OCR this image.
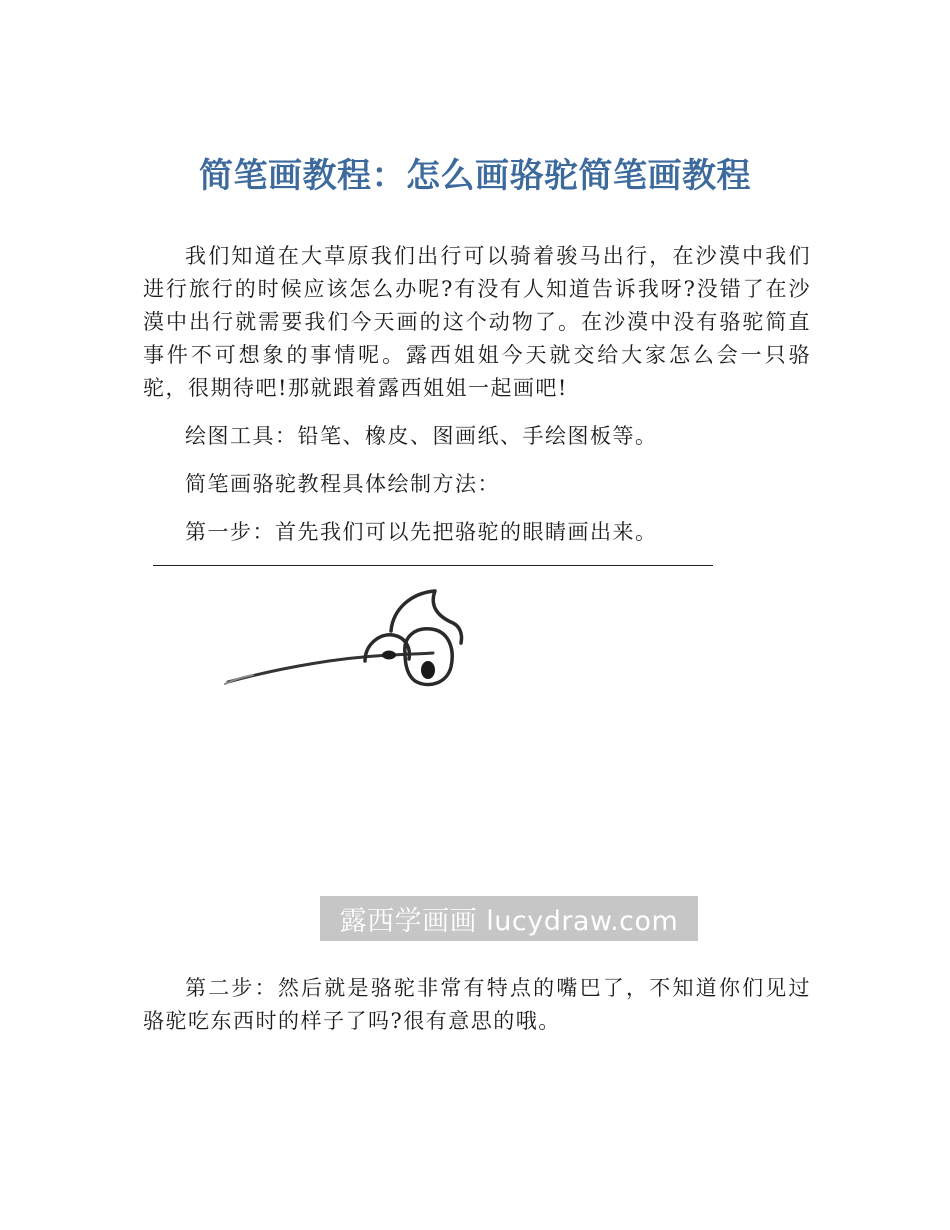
简笔画教程：怎么画骆驼简笔画教程

我们知道在大草原我们出行可以骑着骏马出行，在沙漠中我们进行旅行的时候应该怎么办呢?有没有人知道告诉我呀?没错了在沙漠中出行就需要我们今天画的这个动物了。在沙漠中没有骆驼简直事件不可想象的事情呢。露西姐姐今天就交给大家怎么会一只骆驼，很期待吧!那就跟着露西姐姐一起画吧!

绘图工具：铅笔、橡皮、图画纸、手绘图板等。

简笔画骆驼教程具体绘制方法：

第一步：首先我们可以先把骆驼的眼睛画出来。

露西学画画 lucydraw.com

第二步：然后就是骆驼非常有特点的嘴巴了，不知道你们见过骆驼吃东西时的样子了吗?很有意思的哦。
